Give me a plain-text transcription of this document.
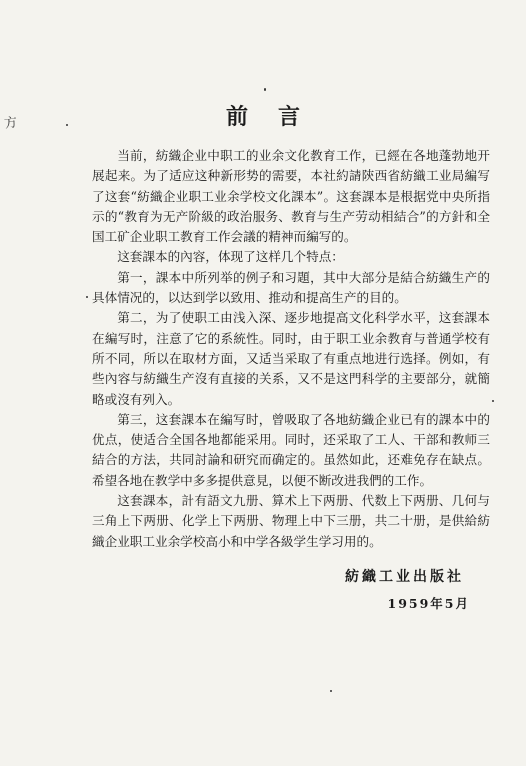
方	前言

当前，紡織企业中职工的业余文化教育工作，已經在各地蓬勃地开展起来。为了适应这种新形势的需要，本社約請陝西省紡織工业局編写了这套“紡織企业职工业余学校文化課本”。这套課本是根据党中央所指示的“教育为无产阶級的政治服务、教育与生产劳动相結合”的方針和全国工矿企业职工教育工作会議的精神而編写的。

这套課本的內容，体现了这样几个特点：

第一，課本中所列举的例子和习題，其中大部分是結合紡織生产的具体情况的，以达到学以致用、推动和提高生产的目的。

第二，为了使职工由浅入深、逐步地提高文化科学水平，这套課本在編写时，注意了它的系統性。同时，由于职工业余教育与普通学校有所不同，所以在取材方面，又适当采取了有重点地进行选择。例如，有些內容与紡織生产沒有直接的关系，又不是这門科学的主要部分，就簡略或沒有列入。

第三，这套課本在編写时，曾吸取了各地紡織企业已有的課本中的优点，使适合全国各地都能采用。同时，还采取了工人、干部和教师三結合的方法，共同討論和研究而确定的。虽然如此，还难免存在缺点。希望各地在教学中多多提供意見，以便不断改进我們的工作。

这套課本，計有語文九册、算术上下两册、代数上下两册、几何与三角上下两册、化学上下两册、物理上中下三册，共二十册，是供給紡織企业职工业余学校高小和中学各級学生学习用的。

紡織工业出版社
1959年5月
